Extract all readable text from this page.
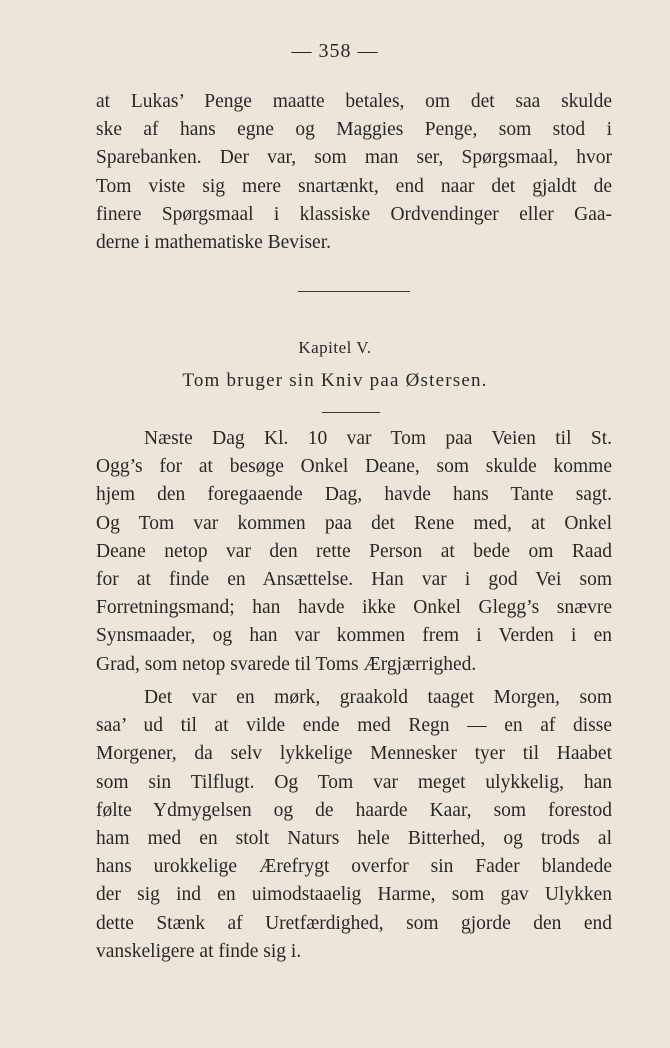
— 358 —

at Lukas’ Penge maatte betales, om det saa skulde

ske af hans egne og Maggies Penge, som stod i

Sparebanken. Der var, som man ser, Spørgsmaal, hvor

Tom viste sig mere snartænkt, end naar det gjaldt de

finere Spørgsmaal i klassiske Ordvendinger eller Gaa-

derne i mathematiske Beviser.

Kapitel V.
Tom bruger sin Kniv paa Østersen.

Næste Dag Kl. 10 var Tom paa Veien til St.

Ogg’s for at besøge Onkel Deane, som skulde komme

hjem den foregaaende Dag, havde hans Tante sagt.

Og Tom var kommen paa det Rene med, at Onkel

Deane netop var den rette Person at bede om Raad

for at finde en Ansættelse. Han var i god Vei som

Forretningsmand; han havde ikke Onkel Glegg’s snævre

Synsmaader, og han var kommen frem i Verden i en

Grad, som netop svarede til Toms Ærgjærrighed.

Det var en mørk, graakold taaget Morgen, som

saa’ ud til at vilde ende med Regn — en af disse

Morgener, da selv lykkelige Mennesker tyer til Haabet

som sin Tilflugt. Og Tom var meget ulykkelig, han

følte Ydmygelsen og de haarde Kaar, som forestod

ham med en stolt Naturs hele Bitterhed, og trods al

hans urokkelige Ærefrygt overfor sin Fader blandede

der sig ind en uimodstaaelig Harme, som gav Ulykken

dette Stænk af Uretfærdighed, som gjorde den end

vanskeligere at finde sig i.
